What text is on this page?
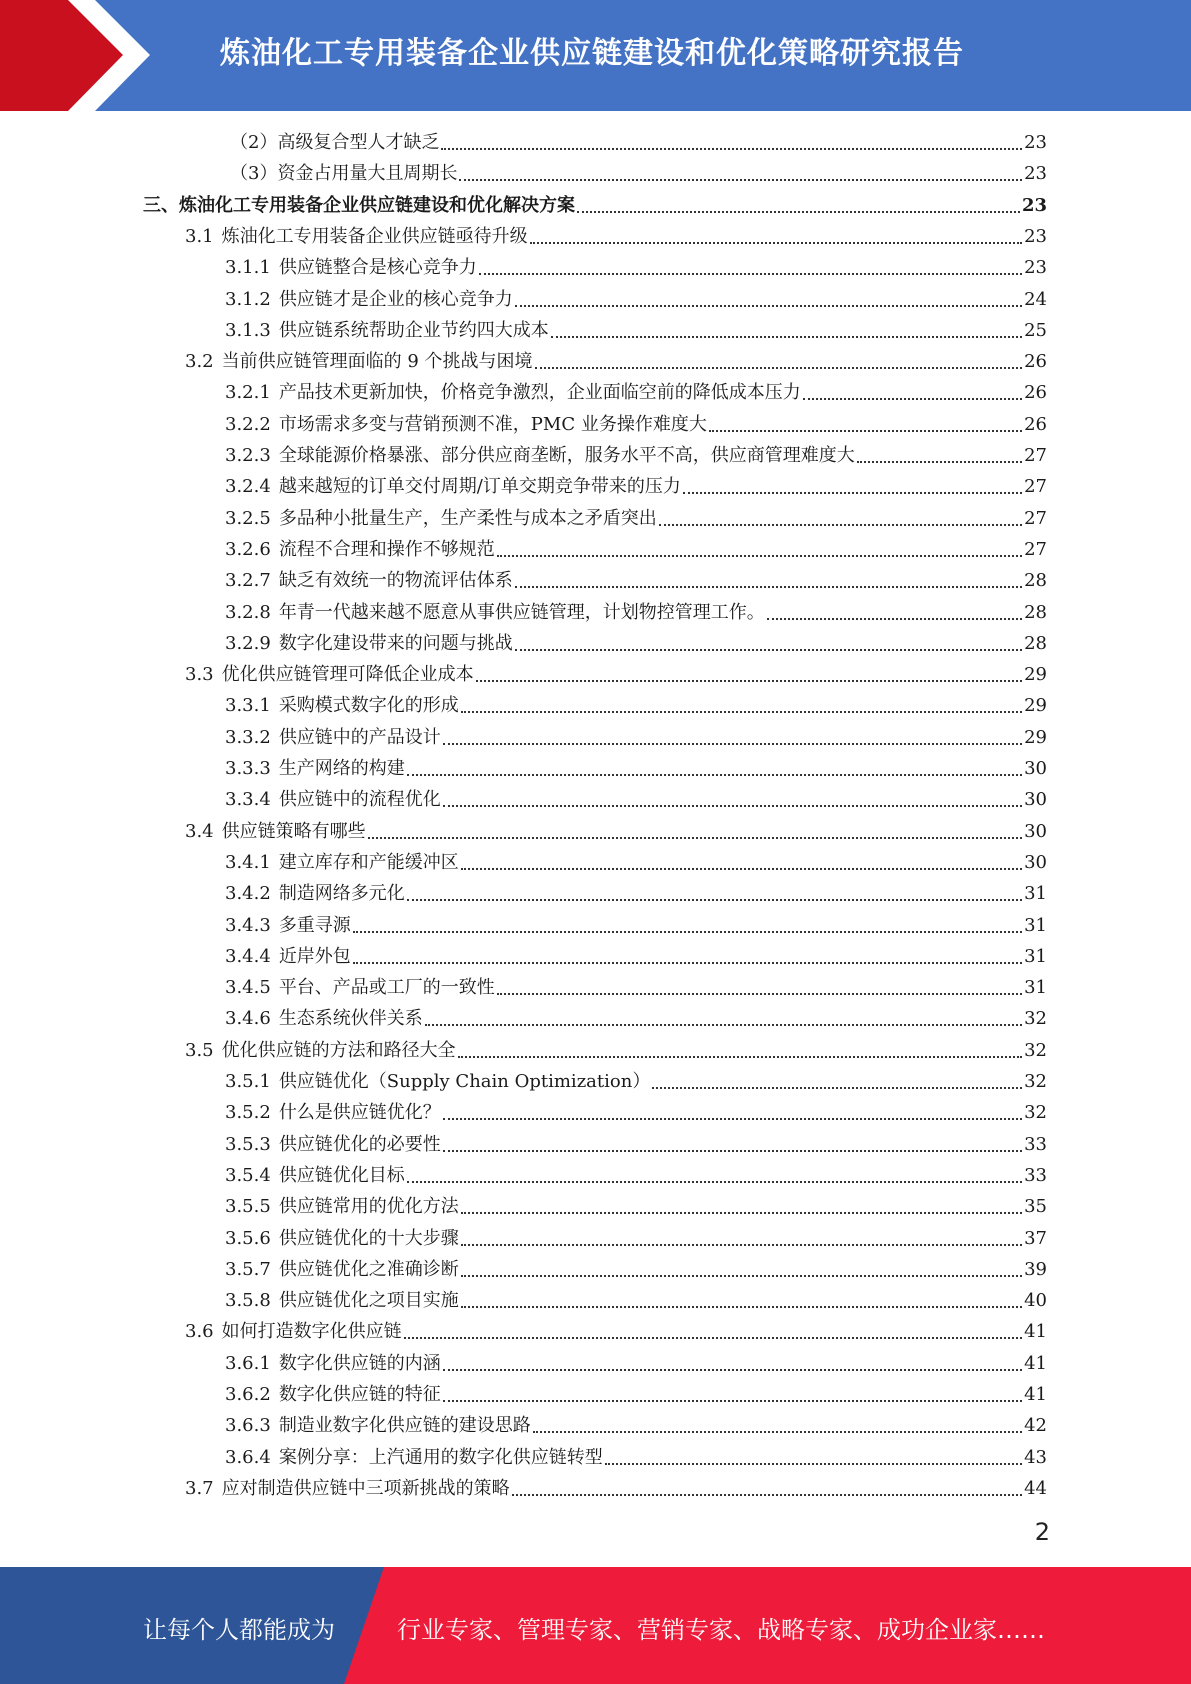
炼油化工专用装备企业供应链建设和优化策略研究报告
（2）高级复合型人才缺乏	23
（3）资金占用量大且周期长	23
三、炼油化工专用装备企业供应链建设和优化解决方案	23
3.1 炼油化工专用装备企业供应链亟待升级	23
3.1.1 供应链整合是核心竞争力	23
3.1.2 供应链才是企业的核心竞争力	24
3.1.3 供应链系统帮助企业节约四大成本	25
3.2 当前供应链管理面临的 9 个挑战与困境	26
3.2.1 产品技术更新加快，价格竞争激烈，企业面临空前的降低成本压力	26
3.2.2 市场需求多变与营销预测不准，PMC 业务操作难度大	26
3.2.3 全球能源价格暴涨、部分供应商垄断，服务水平不高，供应商管理难度大	27
3.2.4 越来越短的订单交付周期/订单交期竞争带来的压力	27
3.2.5 多品种小批量生产，生产柔性与成本之矛盾突出	27
3.2.6 流程不合理和操作不够规范	27
3.2.7 缺乏有效统一的物流评估体系	28
3.2.8 年青一代越来越不愿意从事供应链管理，计划物控管理工作。	28
3.2.9 数字化建设带来的问题与挑战	28
3.3 优化供应链管理可降低企业成本	29
3.3.1 采购模式数字化的形成	29
3.3.2 供应链中的产品设计	29
3.3.3 生产网络的构建	30
3.3.4 供应链中的流程优化	30
3.4 供应链策略有哪些	30
3.4.1 建立库存和产能缓冲区	30
3.4.2 制造网络多元化	31
3.4.3 多重寻源	31
3.4.4 近岸外包	31
3.4.5 平台、产品或工厂的一致性	31
3.4.6 生态系统伙伴关系	32
3.5 优化供应链的方法和路径大全	32
3.5.1 供应链优化（Supply Chain Optimization）	32
3.5.2 什么是供应链优化？	32
3.5.3 供应链优化的必要性	33
3.5.4 供应链优化目标	33
3.5.5 供应链常用的优化方法	35
3.5.6 供应链优化的十大步骤	37
3.5.7 供应链优化之准确诊断	39
3.5.8 供应链优化之项目实施	40
3.6 如何打造数字化供应链	41
3.6.1 数字化供应链的内涵	41
3.6.2 数字化供应链的特征	41
3.6.3 制造业数字化供应链的建设思路	42
3.6.4 案例分享：上汽通用的数字化供应链转型	43
3.7 应对制造供应链中三项新挑战的策略	44
2
让每个人都能成为	行业专家、管理专家、营销专家、战略专家、成功企业家……
